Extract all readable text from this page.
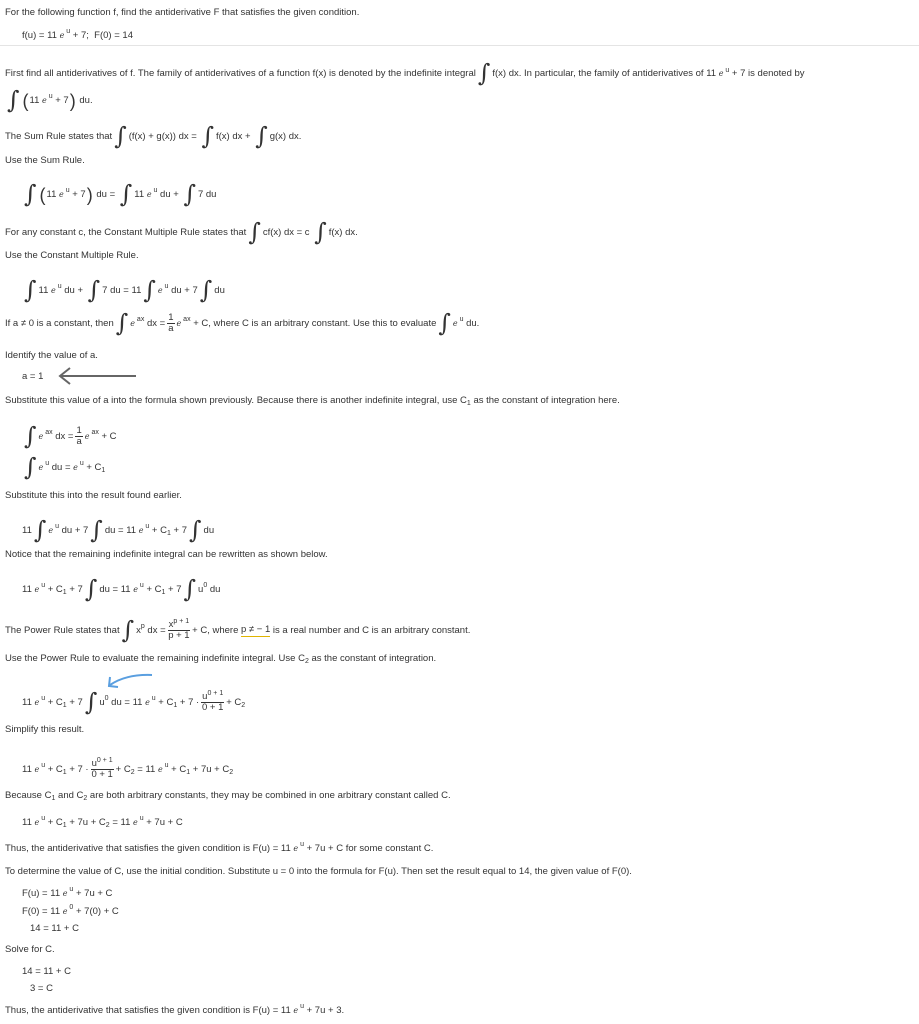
For the following function f, find the antiderivative F that satisfies the given condition.
f(u) = 11 e $^u$ + 7;  F(0) = 14
First find all antiderivatives of f. The family of antiderivatives of a function f(x) is denoted by the indefinite integral ∫ f(x) dx. In particular, the family of antiderivatives of 11 e $^u$ + 7 is denoted by
∫ ( 11 e $^u$ + 7 ) du.
The Sum Rule states that ∫ (f(x) + g(x)) dx = ∫ f(x) dx + ∫ g(x) dx.
Use the Sum Rule.
∫ ( 11 e $^u$ + 7 ) du = ∫ 11 e $^u$ du + ∫ 7 du
For any constant c, the Constant Multiple Rule states that ∫ cf(x) dx = c ∫ f(x) dx.
Use the Constant Multiple Rule.
∫ 11 e $^u$ du + ∫ 7 du = 11 ∫ e $^u$ du + 7 ∫ du
If a ≠ 0 is a constant, then ∫ e $^{ax}$ dx = 1
a e $^{ax}$
+ C, where C is an arbitrary constant. Use this to evaluate ∫ e $^u$ du.
Identify the value of a.
a = 1
Substitute this value of a into the formula shown previously. Because there is another indefinite integral, use $C_1$ as the constant of integration here.
∫ e $^{ax}$ dx = 1
a e $^{ax}$ + C
∫ e $^u$ du = e $^u + C_1$
Substitute this into the result found earlier.
11 ∫ e $^u$ du + 7 ∫ du = 11 e $^u + C_1 + 7$ ∫ du
Notice that the remaining indefinite integral can be rewritten as shown below.
11 e $^u + C_1 + 7$ ∫ du = 11 e $^u + C_1 + 7$ ∫ $u^0$ du
The Power Rule states that ∫ $x^p$ dx = $x^{p + 1}$
p + 1 + C, where
p ≠ − 1
is a real number and C is an arbitrary constant.
Use the Power Rule to evaluate the remaining indefinite integral. Use $C_2$ as the constant of integration.
11 e $^u + C_1 + 7$ ∫ $u^0$ du = 11 e $^u + C_1 + 7 \cdot u^{0 + 1}$
$0 + 1 + C_2$
Simplify this result.
11 e $^u + C_1 + 7 \cdot u^{0 + 1}$
$0 + 1 + C_2 = 11$ e $^u + C_1 + 7u + C_2$
Because $C_1$ and $C_2$ are both arbitrary constants, they may be combined in one arbitrary constant called C.
11 e $^u + C_1 + 7u + C_2 = 11$ e $^u$ + 7u + C
Thus, the antiderivative that satisfies the given condition is F(u) = 11 e $^u$ + 7u + C for some constant C.
To determine the value of C, use the initial condition. Substitute u = 0 into the formula for F(u). Then set the result equal to 14, the given value of F(0).
F(u) = 11 e $^u$ + 7u + C
F(0) = 11 e $^0$ + 7(0) + C
14 = 11 + C
Solve for C.
14 = 11 + C
3 = C
Thus, the antiderivative that satisfies the given condition is F(u) = 11 e $^u$ + 7u + 3.
